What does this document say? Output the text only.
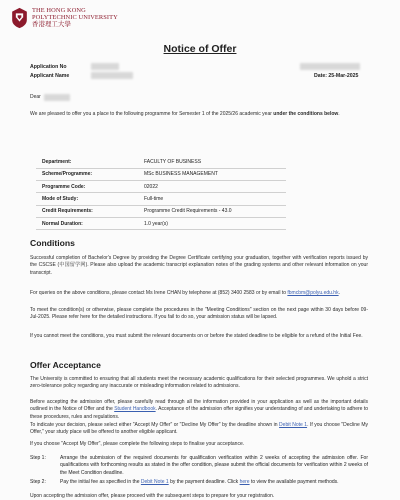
THE HONG KONG
POLYTECHNIC UNIVERSITY
香港理工大學
Notice of Offer
Application No
Applicant Name	Date: 25-Mar-2025
Dear
We are pleased to offer you a place to the following programme for Semester 1 of the 2025/26 academic year under the conditions below.
Department:	FACULTY OF BUSINESS
Scheme/Programme:	MSc BUSINESS MANAGEMENT
Programme Code:	02022
Mode of Study:	Full-time
Credit Requirements:	Programme Credit Requirements - 43.0
Normal Duration:	1.0 year(s)
Conditions
Successful completion of Bachelor's Degree by providing the Degree Certificate certifying your graduation, together with verification reports issued by the CSCSE (中国留学网). Please also upload the academic transcript explanation notes of the grading systems and other relevant information on your transcript.
For queries on the above conditions, please contact Ms Irene CHAN by telephone at (852) 3400 2583 or by email to fbmcbm@polyu.edu.hk.
To meet the condition(s) or otherwise, please complete the procedures in the "Meeting Conditions" section on the next page within 30 days before 09-Jul-2025. Please refer here for the detailed instructions. If you fail to do so, your admission status will be lapsed.
If you cannot meet the conditions, you must submit the relevant documents on or before the stated deadline to be eligible for a refund of the Initial Fee.
Offer Acceptance
The University is committed to ensuring that all students meet the necessary academic qualifications for their selected programmes. We uphold a strict zero-tolerance policy regarding any inaccurate or misleading information related to admissions.
Before accepting the admission offer, please carefully read through all the information provided in your application as well as the important details outlined in the Notice of Offer and the Student Handbook. Acceptance of the admission offer signifies your understanding of and undertaking to adhere to these procedures, rules and regulations.
To indicate your decision, please select either "Accept My Offer" or "Decline My Offer" by the deadline shown in Debit Note 1. If you choose "Decline My Offer," your study place will be offered to another eligible applicant.
If you choose "Accept My Offer", please complete the following steps to finalise your acceptance.
Step 1:	Arrange the submission of the required documents for qualification verification within 2 weeks of accepting the admission offer. For qualifications with forthcoming results as stated in the offer condition, please submit the official documents for verification within 2 weeks of the Meet Condition deadline.
Step 2:	Pay the initial fee as specified in the Debit Note 1 by the payment deadline. Click here to view the available payment methods.
Upon accepting the admission offer, please proceed with the subsequent steps to prepare for your registration.
